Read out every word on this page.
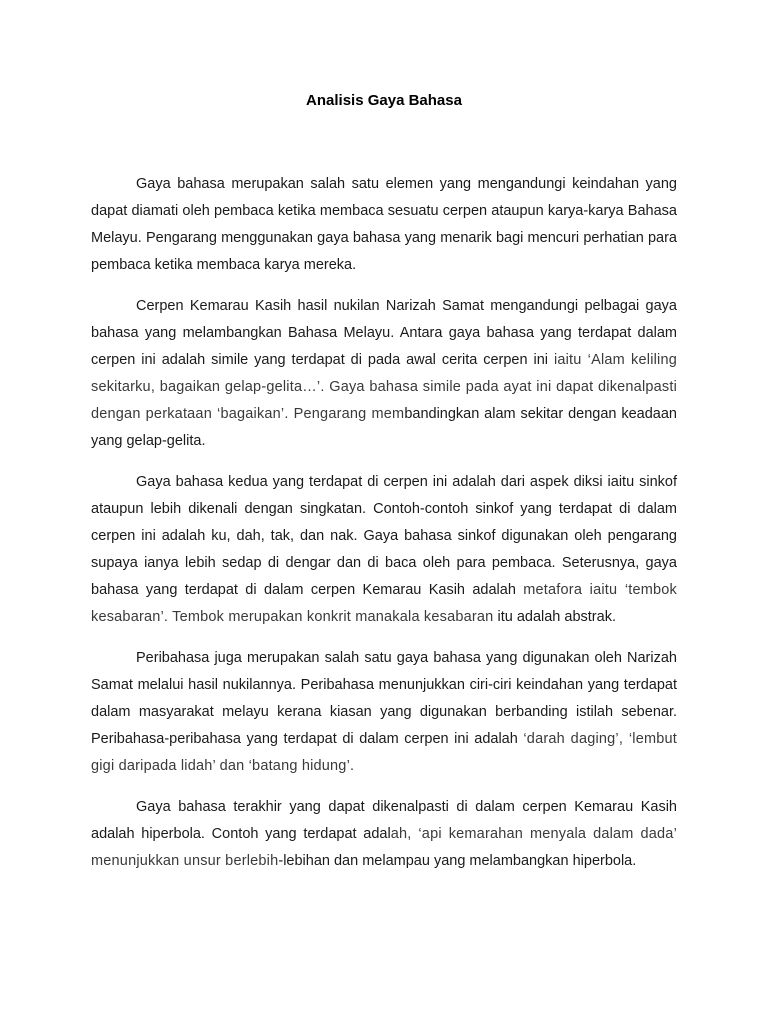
Analisis Gaya Bahasa

Gaya bahasa merupakan salah satu elemen yang mengandungi keindahan yang dapat diamati oleh pembaca ketika membaca sesuatu cerpen ataupun karya-karya Bahasa Melayu. Pengarang menggunakan gaya bahasa yang menarik bagi mencuri perhatian para pembaca ketika membaca karya mereka.

Cerpen Kemarau Kasih hasil nukilan Narizah Samat mengandungi pelbagai gaya bahasa yang melambangkan Bahasa Melayu. Antara gaya bahasa yang terdapat dalam cerpen ini adalah simile yang terdapat di pada awal cerita cerpen ini iaitu ‘Alam keliling sekitarku, bagaikan gelap-gelita…’. Gaya bahasa simile pada ayat ini dapat dikenalpasti dengan perkataan ‘bagaikan’. Pengarang membandingkan alam sekitar dengan keadaan yang gelap-gelita.

Gaya bahasa kedua yang terdapat di cerpen ini adalah dari aspek diksi iaitu sinkof ataupun lebih dikenali dengan singkatan. Contoh-contoh sinkof yang terdapat di dalam cerpen ini adalah ku, dah, tak, dan nak. Gaya bahasa sinkof digunakan oleh pengarang supaya ianya lebih sedap di dengar dan di baca oleh para pembaca. Seterusnya, gaya bahasa yang terdapat di dalam cerpen Kemarau Kasih adalah metafora iaitu ‘tembok kesabaran’. Tembok merupakan konkrit manakala kesabaran itu adalah abstrak.

Peribahasa juga merupakan salah satu gaya bahasa yang digunakan oleh Narizah Samat melalui hasil nukilannya. Peribahasa menunjukkan ciri-ciri keindahan yang terdapat dalam masyarakat melayu kerana kiasan yang digunakan berbanding istilah sebenar. Peribahasa-peribahasa yang terdapat di dalam cerpen ini adalah ‘darah daging’, ‘lembut gigi daripada lidah’ dan ‘batang hidung’.

Gaya bahasa terakhir yang dapat dikenalpasti di dalam cerpen Kemarau Kasih adalah hiperbola. Contoh yang terdapat adalah, ‘api kemarahan menyala dalam dada’ menunjukkan unsur berlebih-lebihan dan melampau yang melambangkan hiperbola.
